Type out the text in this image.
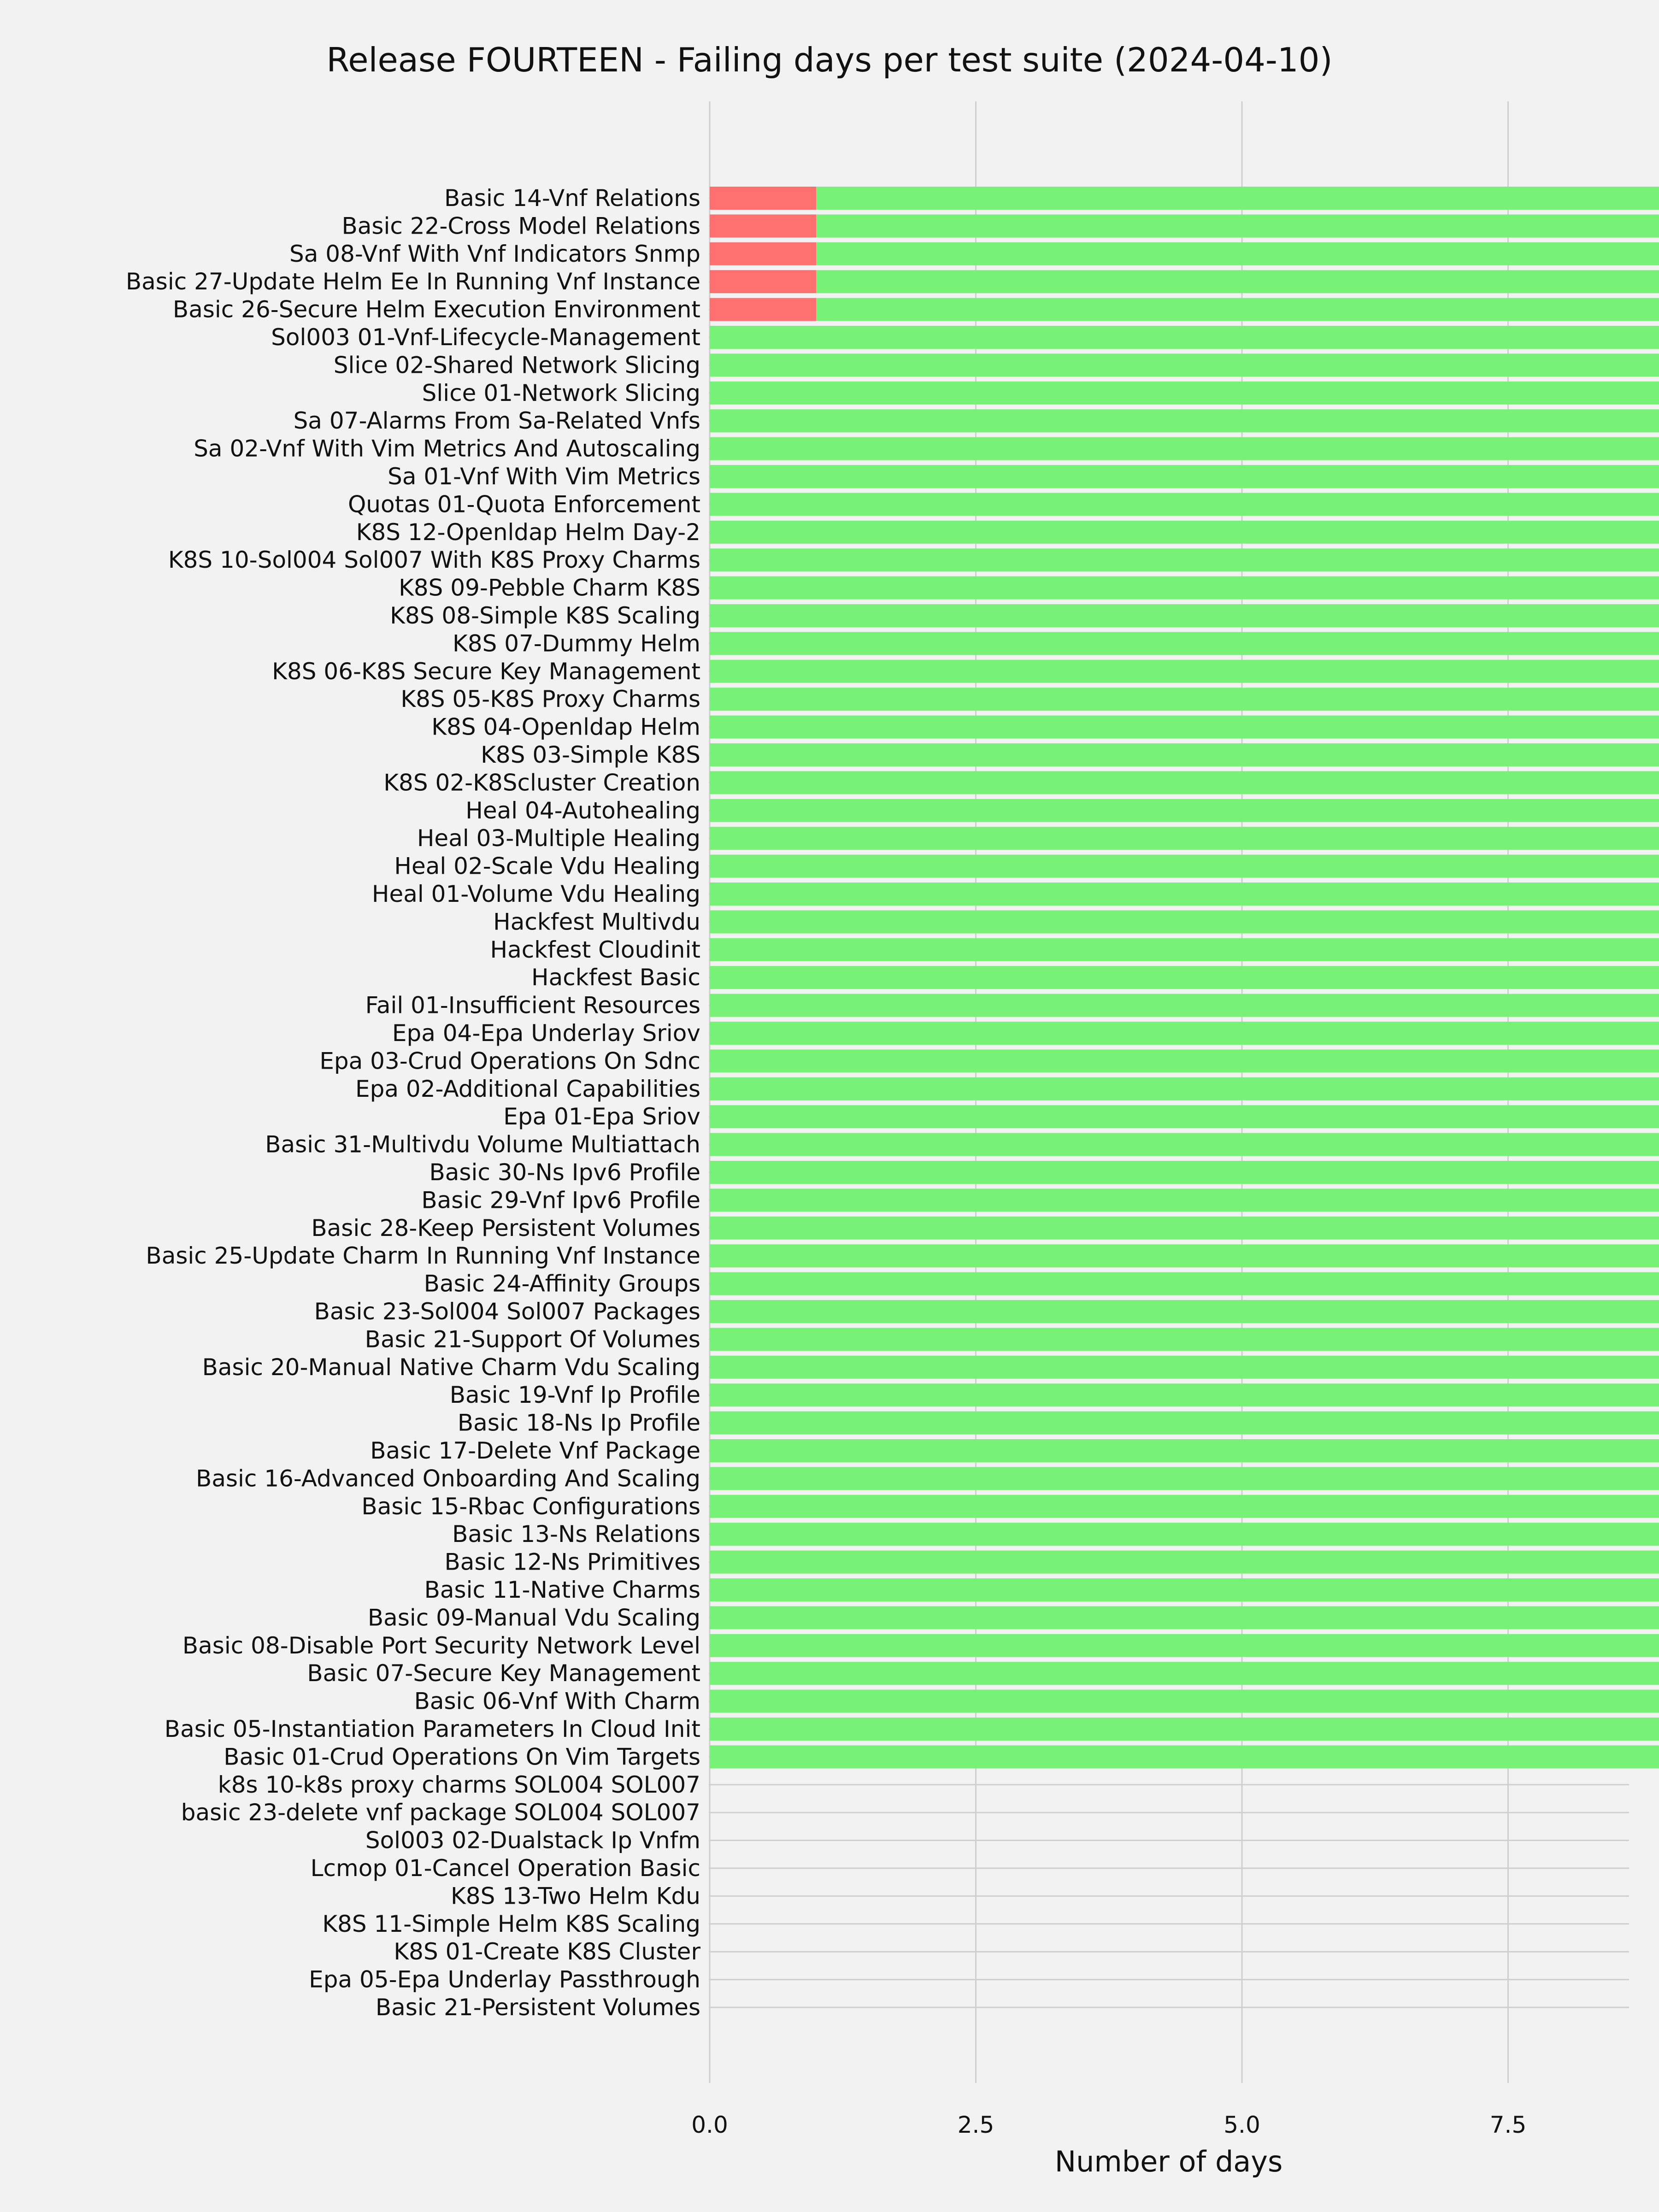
Release FOURTEEN - Failing days per test suite (2024-04-10)
Basic 14-Vnf Relations
Basic 22-Cross Model Relations
Sa 08-Vnf With Vnf Indicators Snmp
Basic 27-Update Helm Ee In Running Vnf Instance
Basic 26-Secure Helm Execution Environment
Sol003 01-Vnf-Lifecycle-Management
Slice 02-Shared Network Slicing
Slice 01-Network Slicing
Sa 07-Alarms From Sa-Related Vnfs
Sa 02-Vnf With Vim Metrics And Autoscaling
Sa 01-Vnf With Vim Metrics
Quotas 01-Quota Enforcement
K8S 12-Openldap Helm Day-2
K8S 10-Sol004 Sol007 With K8S Proxy Charms
K8S 09-Pebble Charm K8S
K8S 08-Simple K8S Scaling
K8S 07-Dummy Helm
K8S 06-K8S Secure Key Management
K8S 05-K8S Proxy Charms
K8S 04-Openldap Helm
K8S 03-Simple K8S
K8S 02-K8Scluster Creation
Heal 04-Autohealing
Heal 03-Multiple Healing
Heal 02-Scale Vdu Healing
Heal 01-Volume Vdu Healing
Hackfest Multivdu
Hackfest Cloudinit
Hackfest Basic
Fail 01-Insufficient Resources
Epa 04-Epa Underlay Sriov
Epa 03-Crud Operations On Sdnc
Epa 02-Additional Capabilities
Epa 01-Epa Sriov
Basic 31-Multivdu Volume Multiattach
Basic 30-Ns Ipv6 Profile
Basic 29-Vnf Ipv6 Profile
Basic 28-Keep Persistent Volumes
Basic 25-Update Charm In Running Vnf Instance
Basic 24-Affinity Groups
Basic 23-Sol004 Sol007 Packages
Basic 21-Support Of Volumes
Basic 20-Manual Native Charm Vdu Scaling
Basic 19-Vnf Ip Profile
Basic 18-Ns Ip Profile
Basic 17-Delete Vnf Package
Basic 16-Advanced Onboarding And Scaling
Basic 15-Rbac Configurations
Basic 13-Ns Relations
Basic 12-Ns Primitives
Basic 11-Native Charms
Basic 09-Manual Vdu Scaling
Basic 08-Disable Port Security Network Level
Basic 07-Secure Key Management
Basic 06-Vnf With Charm
Basic 05-Instantiation Parameters In Cloud Init
Basic 01-Crud Operations On Vim Targets
k8s 10-k8s proxy charms SOL004 SOL007
basic 23-delete vnf package SOL004 SOL007
Sol003 02-Dualstack Ip Vnfm
Lcmop 01-Cancel Operation Basic
K8S 13-Two Helm Kdu
K8S 11-Simple Helm K8S Scaling
K8S 01-Create K8S Cluster
Epa 05-Epa Underlay Passthrough
Basic 21-Persistent Volumes
0.0	2.5	5.0	7.5
Number of days
